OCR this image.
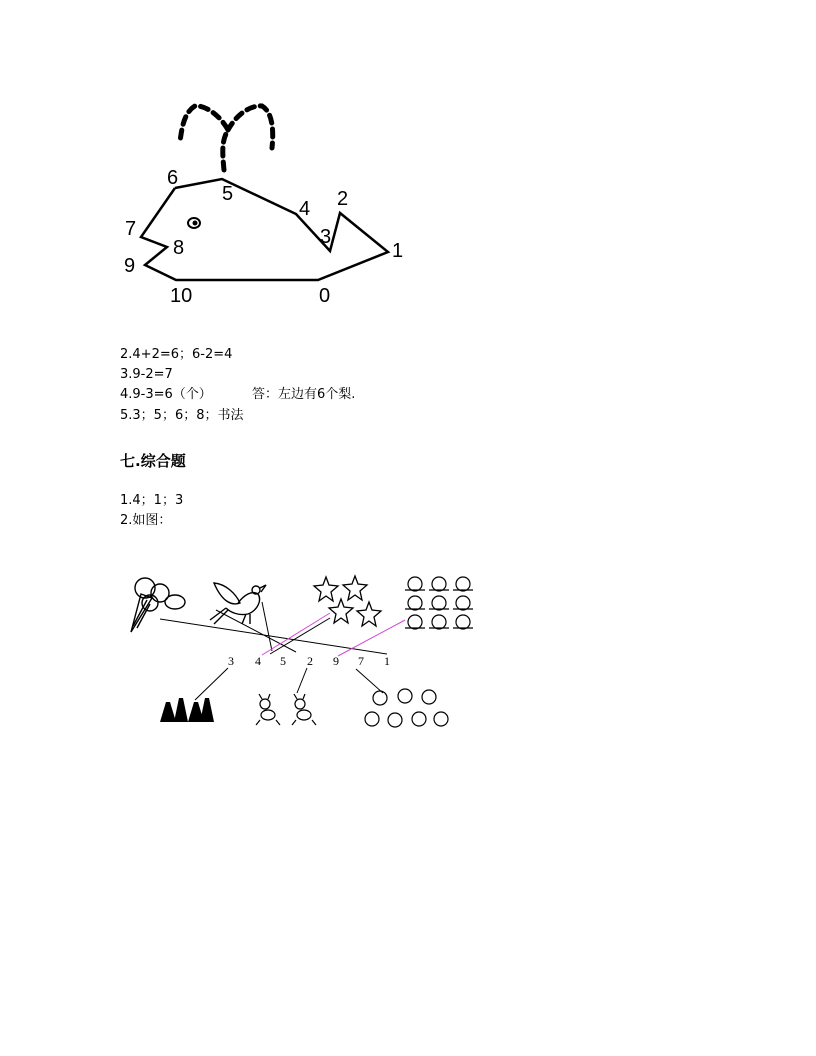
0
1
2
3
4
5
6
7
8
9
10
2.4+2=6；6-2=4
3.9-2=7
4.9-3=6（个）	答：左边有6个梨.
5.3；5；6；8；书法
七.综合题
1.4；1；3
2.如图：
3 4 5 2 9 7 1
